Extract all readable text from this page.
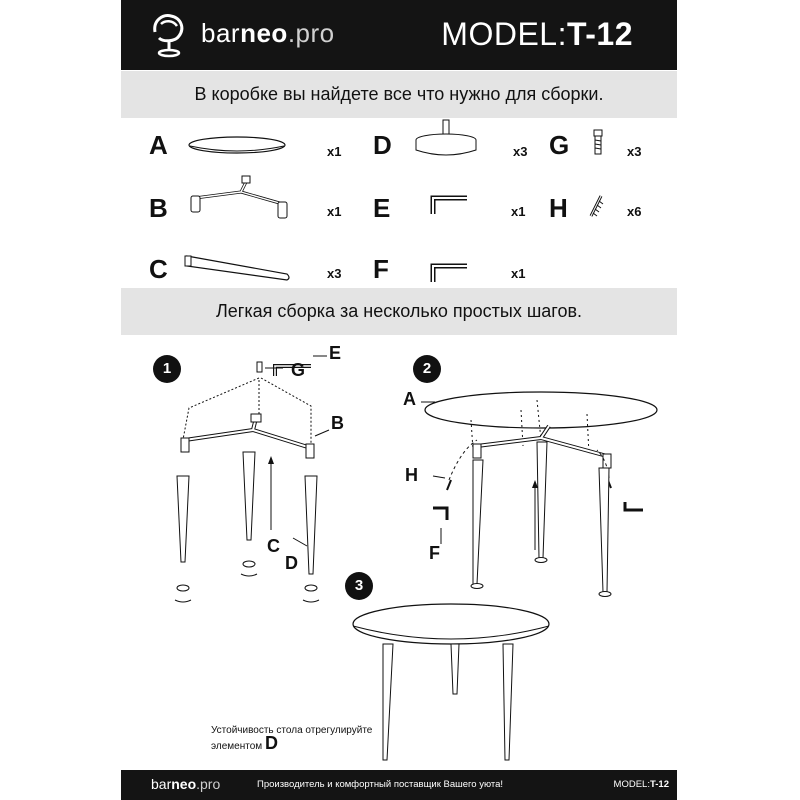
barneo.pro	MODEL:T-12
В коробке вы найдете все что нужно для сборки.
A	x1
B	x1
C	x3
D	x3
E	x1
F	x1
G	x3
H	x6
Легкая сборка за несколько простых шагов.
1
E
G
B
C
D
2
A
H
F
3
Устойчивость стола отрегулируйте
элементом D
barneo.pro	Производитель и комфортный поставщик Вашего уюта!	MODEL:T-12
